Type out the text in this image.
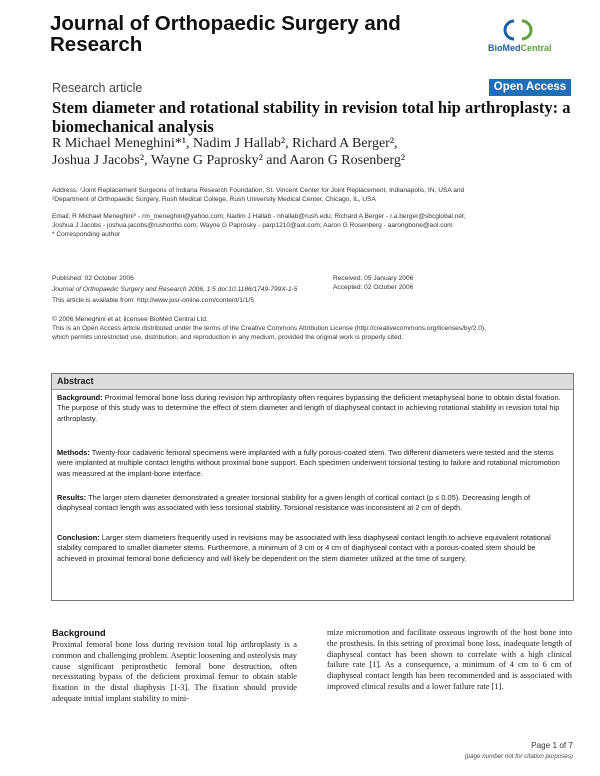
Journal of Orthopaedic Surgery and Research	BioMedCentral
Research article	Open Access
Stem diameter and rotational stability in revision total hip arthroplasty: a biomechanical analysis
R Michael Meneghini*¹, Nadim J Hallab², Richard A Berger²,
Joshua J Jacobs², Wayne G Paprosky² and Aaron G Rosenberg²
Address: ¹Joint Replacement Surgeons of Indiana Research Foundation, St. Vincent Center for Joint Replacement, Indianapolis, IN, USA and
²Department of Orthopaedic Surgery, Rush Medical College, Rush University Medical Center, Chicago, IL, USA
Email: R Michael Meneghini* - rm_meneghini@yahoo.com; Nadim J Hallab - nhallab@rush.edu; Richard A Berger - r.a.berger@sbcglobal.net;
Joshua J Jacobs - joshua.jacobs@rushortho.com; Wayne G Paprosky - parp1210@aol.com; Aaron G Rosenberg - aarongbone@aol.com
* Corresponding author
Published: 02 October 2006
Journal of Orthopaedic Surgery and Research 2006, 1:5 doi:10.1186/1749-799X-1-5
This article is available from: http://www.josr-online.com/content/1/1/5
Received: 05 January 2006
Accepted: 02 October 2006
© 2006 Meneghini et al; licensee BioMed Central Ltd.
This is an Open Access article distributed under the terms of the Creative Commons Attribution License (http://creativecommons.org/licenses/by/2.0),
which permits unrestricted use, distribution, and reproduction in any medium, provided the original work is properly cited.
Abstract
Background: Proximal femoral bone loss during revision hip arthroplasty often requires bypassing the deficient metaphyseal bone to obtain distal fixation. The purpose of this study was to determine the effect of stem diameter and length of diaphyseal contact in achieving rotational stability in revision total hip arthroplasty.
Methods: Twenty-four cadaveric femoral specimens were implanted with a fully porous-coated stem. Two different diameters were tested and the stems were implanted at multiple contact lengths without proximal bone support. Each specimen underwent torsional testing to failure and rotational micromotion was measured at the implant-bone interface.
Results: The larger stem diameter demonstrated a greater torsional stability for a given length of cortical contact (p ≤ 0.05). Decreasing length of diaphyseal contact length was associated with less torsional stability. Torsional resistance was inconsistent at 2 cm of depth.
Conclusion: Larger stem diameters frequently used in revisions may be associated with less diaphyseal contact length to achieve equivalent rotational stability compared to smaller diameter stems. Furthermore, a minimum of 3 cm or 4 cm of diaphyseal contact with a porous-coated stem should be achieved in proximal femoral bone deficiency and will likely be dependent on the stem diameter utilized at the time of surgery.
Background
Proximal femoral bone loss during revision total hip arthroplasty is a common and challenging problem. Aseptic loosening and osteolysis may cause significant periprosthetic femoral bone destruction, often necessitating bypass of the deficient proximal femur to obtain stable fixation in the distal diaphysis [1-3]. The fixation should provide adequate initial implant stability to mini-
mize micromotion and facilitate osseous ingrowth of the host bone into the prosthesis. In this setting of proximal bone loss, inadequate length of diaphyseal contact has been shown to correlate with a high clinical failure rate [1]. As a consequence, a minimum of 4 cm to 6 cm of diaphyseal contact length has been recommended and is associated with improved clinical results and a lower failure rate [1].
Page 1 of 7
(page number not for citation purposes)
